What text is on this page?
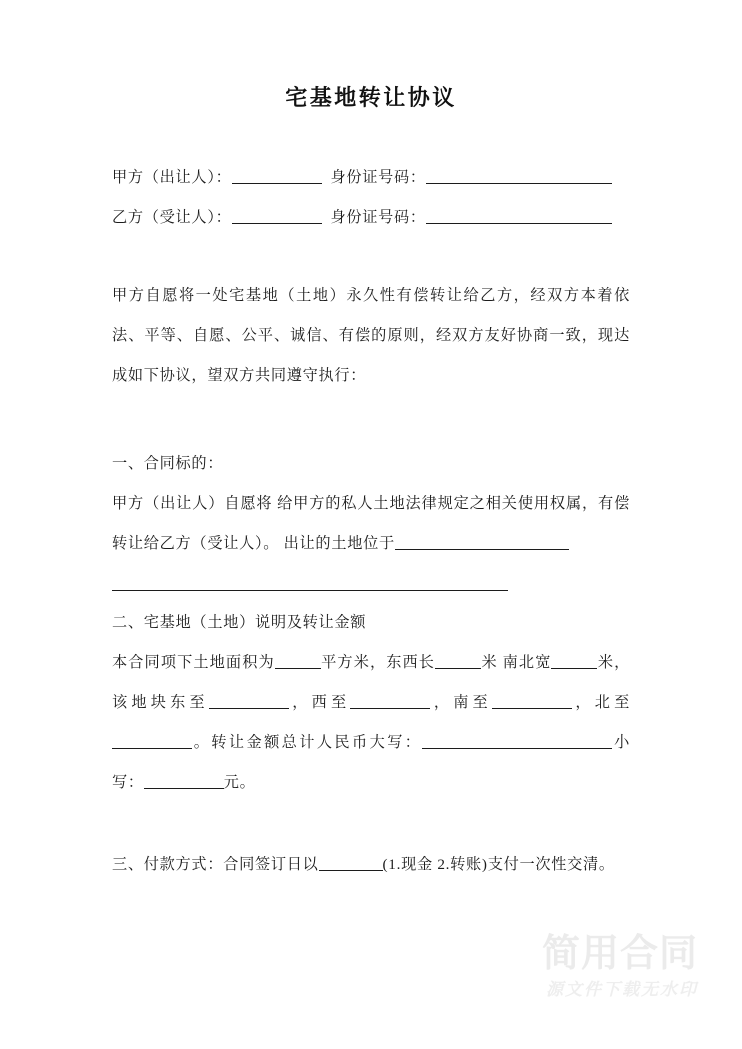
宅基地转让协议
甲方（出让人）：	身份证号码：
乙方（受让人）：	身份证号码：

甲方自愿将一处宅基地（土地）永久性有偿转让给乙方，经双方本着依法、平等、自愿、公平、诚信、有偿的原则，经双方友好协商一致，现达成如下协议，望双方共同遵守执行：

一、合同标的：

甲方（出让人）自愿将 给甲方的私人土地法律规定之相关使用权属，有偿转让给乙方（受让人）。 出让的土地位于

二、宅基地（土地）说明及转让金额

本合同项下土地面积为	平方米，东西长	米 南北宽	米，该地块东至	，西至	，南至	，北至。转让金额总计人民币大写：	小写：	元。

三、付款方式：合同签订日以	(1.现金 2.转账)支付一次性交清。

简用合同
源文件下载无水印
